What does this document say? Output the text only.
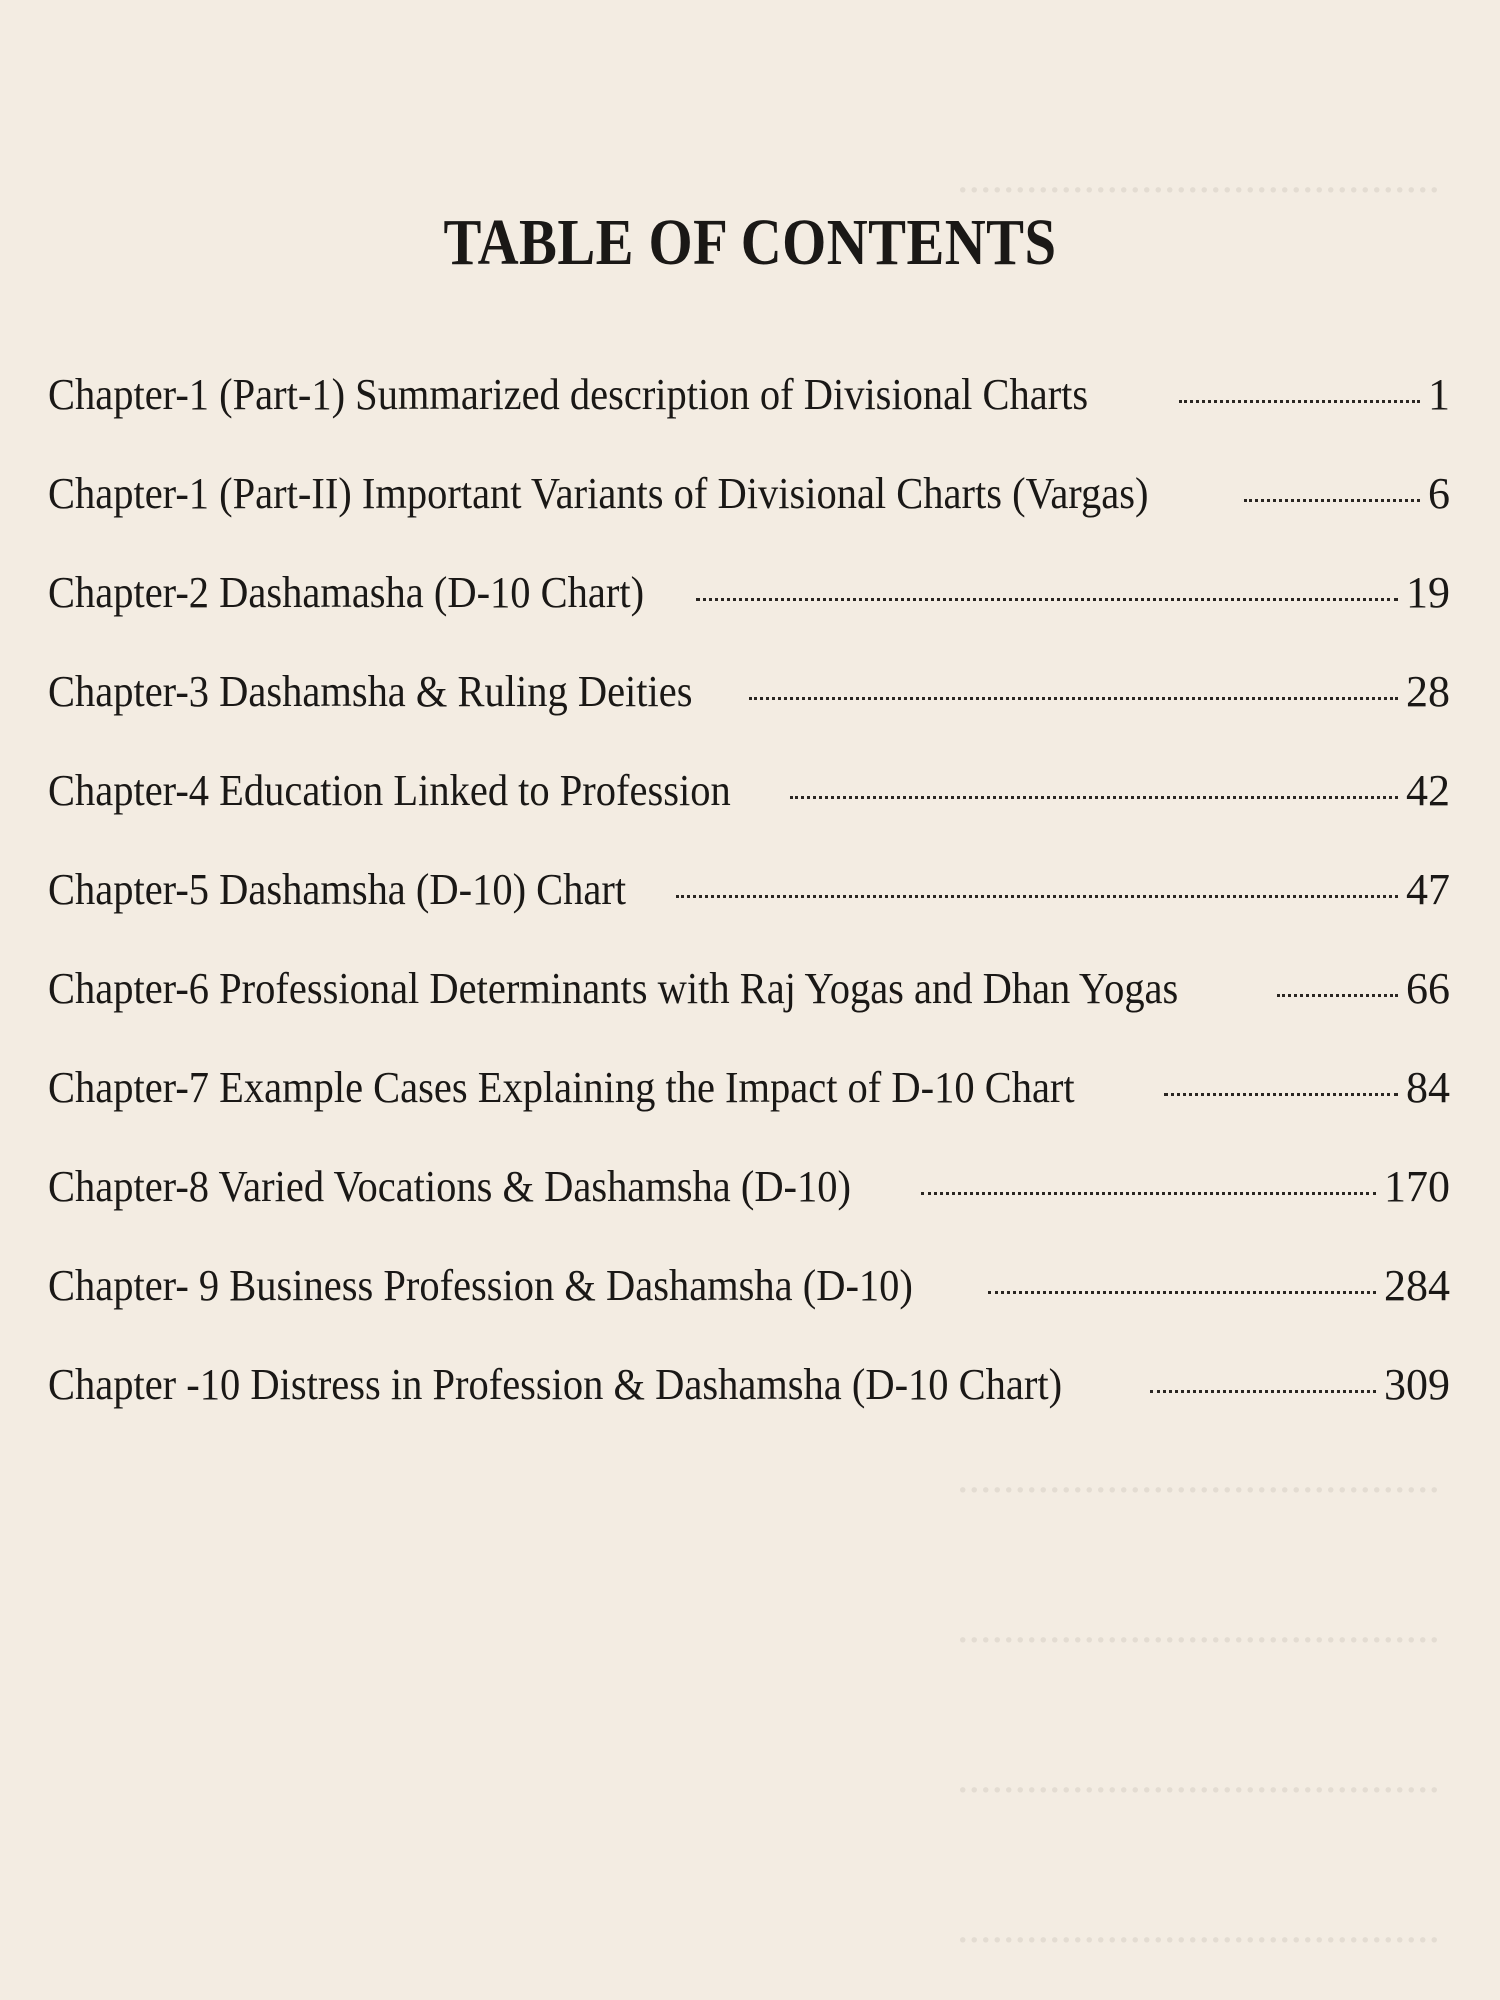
..........................................
..........................................
..........................................
..........................................
..........................................
TABLE OF CONTENTS
Chapter-1 (Part-1) Summarized description of Divisional Charts	1
Chapter-1 (Part-II) Important Variants of Divisional Charts (Vargas)	6
Chapter-2 Dashamasha (D-10 Chart)	19
Chapter-3 Dashamsha & Ruling Deities	28
Chapter-4 Education Linked to Profession	42
Chapter-5 Dashamsha (D-10) Chart	47
Chapter-6 Professional Determinants with Raj Yogas and Dhan Yogas	66
Chapter-7 Example Cases Explaining the Impact of D-10 Chart	84
Chapter-8 Varied Vocations & Dashamsha (D-10)	170
Chapter- 9 Business Profession & Dashamsha (D-10)	284
Chapter -10 Distress in Profession & Dashamsha (D-10 Chart)	309
